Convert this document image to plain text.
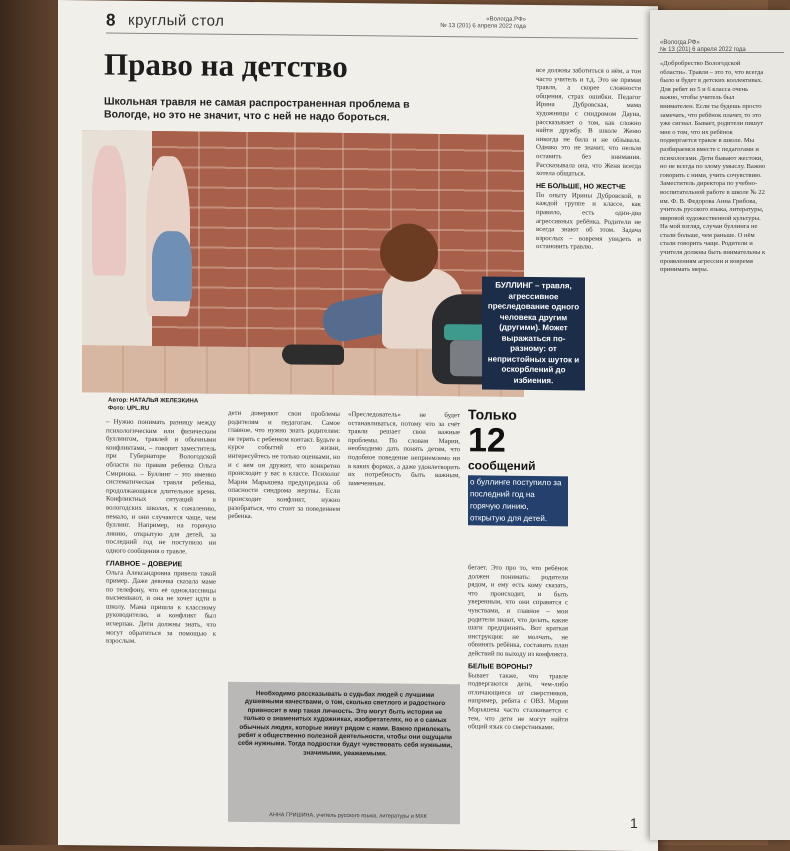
8 круглый стол	«Вологда.РФ»
№ 13 (201) 6 апреля 2022 года
Право на детство
Школьная травля не самая распространенная проблема в Вологде, но это не значит, что с ней не надо бороться.
БУЛЛИНГ – травля, агрессивное преследование одного человека другим (другими). Может выражаться по-разному: от непристойных шуток и оскорблений до избиения.
Автор: НАТАЛЬЯ ЖЕЛЕЗКИНА
Фото: UPL.RU
– Нужно понимать разницу между психологическим или физическим буллингом, травлей и обычными конфликтами, – говорит заместитель при Губернаторе Вологодской области по правам ребенка Ольга Смирнова. – Буллинг – это именно систематическая травля ребенка, продолжающаяся длительное время. Конфликтных ситуаций в вологодских школах, к сожалению, немало, и они случаются чаще, чем буллинг. Например, на горячую линию, открытую для детей, за последний год не поступило ни одного сообщения о травле.
ГЛАВНОЕ – ДОВЕРИЕ
Ольга Александровна привела такой пример. Даже девочка сказала маме по телефону, что её одноклассницы высмеивают, и она не хочет идти в школу. Мама пришла к классному руководителю, и конфликт был исчерпан. Дети должны знать, что могут обратиться за помощью к взрослым.
дети доверяют свои проблемы родителям и педагогам. Самое главное, что нужно знать родителям: не терять с ребенком контакт. Будьте в курсе событий его жизни, интересуйтесь не только оценками, но и с кем он дружит, что конкретно происходит у вас в классе. Психолог Мария Марышева предупредила об опасности синдрома жертвы. Если происходит конфликт, нужно разобраться, что стоит за поведением ребенка.
«Преследователь» не будет останавливаться, потому что за счёт травли решает свои важные проблемы. По словам Марии, необходимо дать понять детям, что подобное поведение неприемлемо ни в каких формах, а даже удовлетворить их потребность быть важным, замеченным.
Только
12
сообщений
о буллинге поступило за последний год на горячую линию, открытую для детей.
бегает. Это про то, что ребёнок должен понимать: родители рядом, и ему есть кому сказать, что происходит, и быть уверенным, что они справятся с чувствами, и главное – мои родители знают, что делать, какие шаги предпринять. Вот краткая инструкция: не молчать, не обвинять ребёнка, составить план действий по выходу из конфликта.
БЕЛЫЕ ВОРОНЫ?
Бывает также, что травле подвергаются дети, чем-либо отличающиеся от сверстников, например, ребята с ОВЗ. Мария Марышева часто сталкивается с тем, что дети не могут найти общий язык со сверстниками.
все должны заботиться о нём, а тон часто учитель и т.д. Это не прямая травля, а скорее сложности общения, страх ошибки. Педагог Ирина Дубровская, мама художницы с синдромом Дауна, рассказывает о том, как сложно найти дружбу. В школе Женю никогда не била и не обзывала. Однако это не значит, что нельзя оставить без внимания. Рассказывала она, что Женя всегда хотела общаться.
НЕ БОЛЬШЕ, НО ЖЕСТЧЕ
По опыту Ирины Дубровской, в каждой группе и классе, как правило, есть один-два агрессивных ребёнка. Родители не всегда знают об этом. Задача взрослых – вовремя увидеть и остановить травлю.
Необходимо рассказывать о судьбах людей с лучшими душевными качествами, о том, сколько светлого и радостного привносит в мир такая личность. Это могут быть истории не только о знаменитых художниках, изобретателях, но и о самых обычных людях, которые живут рядом с нами. Важно привлекать ребят к общественно полезной деятельности, чтобы они ощущали себя нужными. Тогда подростки будут чувствовать себя нужными, значимыми, уважаемыми.
АННА ГРИШИНА, учитель русского языка, литературы и МХК
«Вологда.РФ»
№ 13 (201) 6 апреля 2022 года
«Добробрество Вологодской области». Травля – это то, что всегда было и будет в детских коллективах. Для ребят из 5 и 6 класса очень важно, чтобы учитель был внимателен. Если ты будешь просто замечать, что ребёнок плачет, то это уже сигнал. Бывает, родители пишут мне о том, что их ребёнок подвергается травле в школе. Мы разбираемся вместе с педагогами и психологами. Дети бывают жестоки, но не всегда по злому умыслу. Важно говорить с ними, учить сочувствию. Заместитель директора по учебно-воспитательной работе в школе № 22 им. Ф. В. Федорова Анна Грибова, учитель русского языка, литературы, мировой художественной культуры. На мой взгляд, случаи буллинга не стали больше, чем раньше. О нём стали говорить чаще. Родители и учителя должны быть внимательны к проявлениям агрессии и вовремя принимать меры.
1
